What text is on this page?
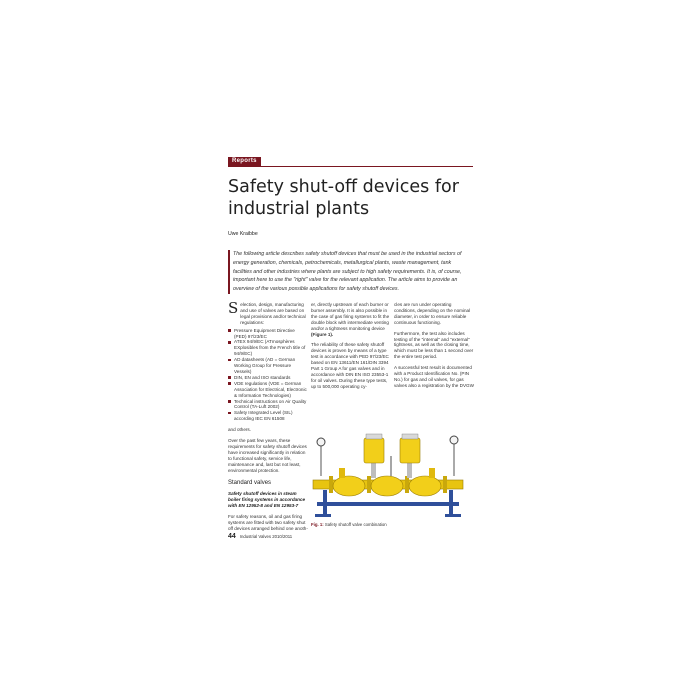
Reports
Safety shut-off devices for
industrial plants
Uwe Kraibbe
The following article describes safety shutoff devices that must be used in the industrial sectors of
energy generation, chemicals, petrochemicals, metallurgical plants, waste management, tank
facilities and other industries where plants are subject to high safety requirements. It is, of course,
important here to use the "right" valve for the relevant application. The article aims to provide an
overview of the various possible applications for safety shutoff devices.
S election, design, manufacturing and use of valves are based on legal provisions and/or technical regulations:
Pressure Equipment Directive (PED) 97/23/EC
ATEX 94/9/EC (ATmosphères EXplosibles from the French title of 94/9/EC)
AD datasheets (AD = German Working Group for Pressure Vessels)
DIN, EN and ISO standards
VDE regulations (VDE = German Association for Electrical, Electronic & Information Technologies)
Technical instructions on Air Quality Control (TA-Luft 2002)
Safety Integrated Level (SIL) according IEC EN 61508

and others.

Over the past few years, these requirements for safety shutoff devices have increased significantly in relation to functional safety, service life, maintenance and, last but not least, environmental protection.

Standard valves

Safety shutoff devices in steam boiler firing systems in accordance with EN 12952-8 and EN 12953-7

For safety reasons, oil and gas firing systems are fitted with two safety shut off devices arranged behind one anoth-

er, directly upstream of each burner or burner assembly. It is also possible in the case of gas firing systems to fit the double block with intermediate venting and/or a tightness monitoring device (Figure 1).

The reliability of these safety shutoff devices is proven by means of a type test in accordance with PED 97/23/EC based on EN 13611/EN 161/DIN 3394 Part 1 Group A for gas valves and in accordance with DIN EN ISO 23553-1 for oil valves. During these type tests, up to 500,000 operating cy-

cles are run under operating conditions, depending on the nominal diameter, in order to ensure reliable continuous functioning.

Furthermore, the test also includes testing of the "internal" and "external" tightness, as well as the closing time, which must be less than 1 second over the entire test period.

A successful test result is documented with a Product Identification No. (PIN No.) for gas and oil valves, for gas valves also a registration by the DVGW

Fig. 1: Safety shutoff valve combination
44 Industrial Valves 2010/2011
